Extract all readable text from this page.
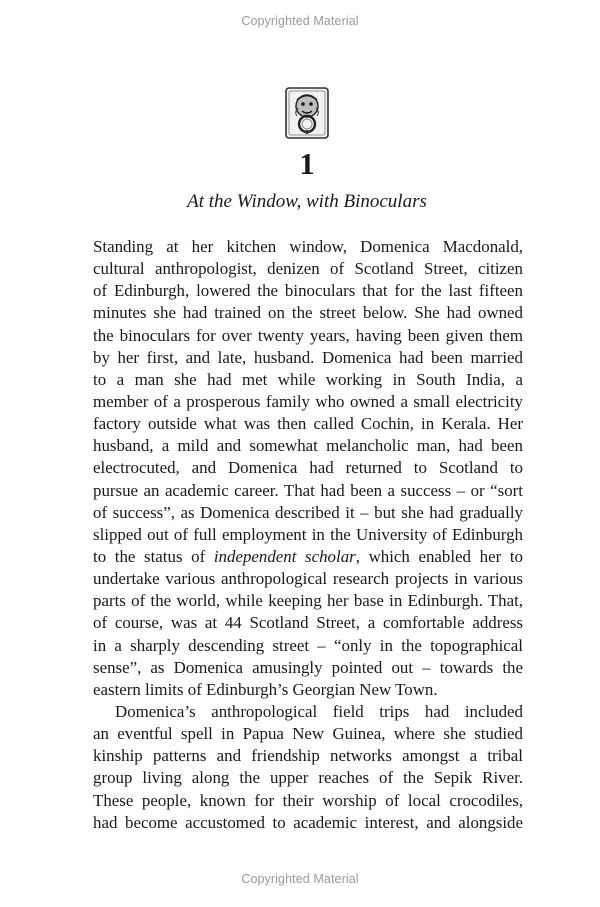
Copyrighted Material
1
At the Window, with Binoculars
Standing at her kitchen window, Domenica Macdonald,
cultural anthropologist, denizen of Scotland Street, citizen
of Edinburgh, lowered the binoculars that for the last fifteen
minutes she had trained on the street below. She had owned
the binoculars for over twenty years, having been given them
by her first, and late, husband. Domenica had been married
to a man she had met while working in South India, a
member of a prosperous family who owned a small electricity
factory outside what was then called Cochin, in Kerala. Her
husband, a mild and somewhat melancholic man, had been
electrocuted, and Domenica had returned to Scotland to
pursue an academic career. That had been a success – or “sort
of success”, as Domenica described it – but she had gradually
slipped out of full employment in the University of Edinburgh
to the status of independent scholar, which enabled her to
undertake various anthropological research projects in various
parts of the world, while keeping her base in Edinburgh. That,
of course, was at 44 Scotland Street, a comfortable address
in a sharply descending street – “only in the topographical
sense”, as Domenica amusingly pointed out – towards the
eastern limits of Edinburgh’s Georgian New Town.
Domenica’s anthropological field trips had included
an eventful spell in Papua New Guinea, where she studied
kinship patterns and friendship networks amongst a tribal
group living along the upper reaches of the Sepik River.
These people, known for their worship of local crocodiles,
had become accustomed to academic interest, and alongside
Copyrighted Material
